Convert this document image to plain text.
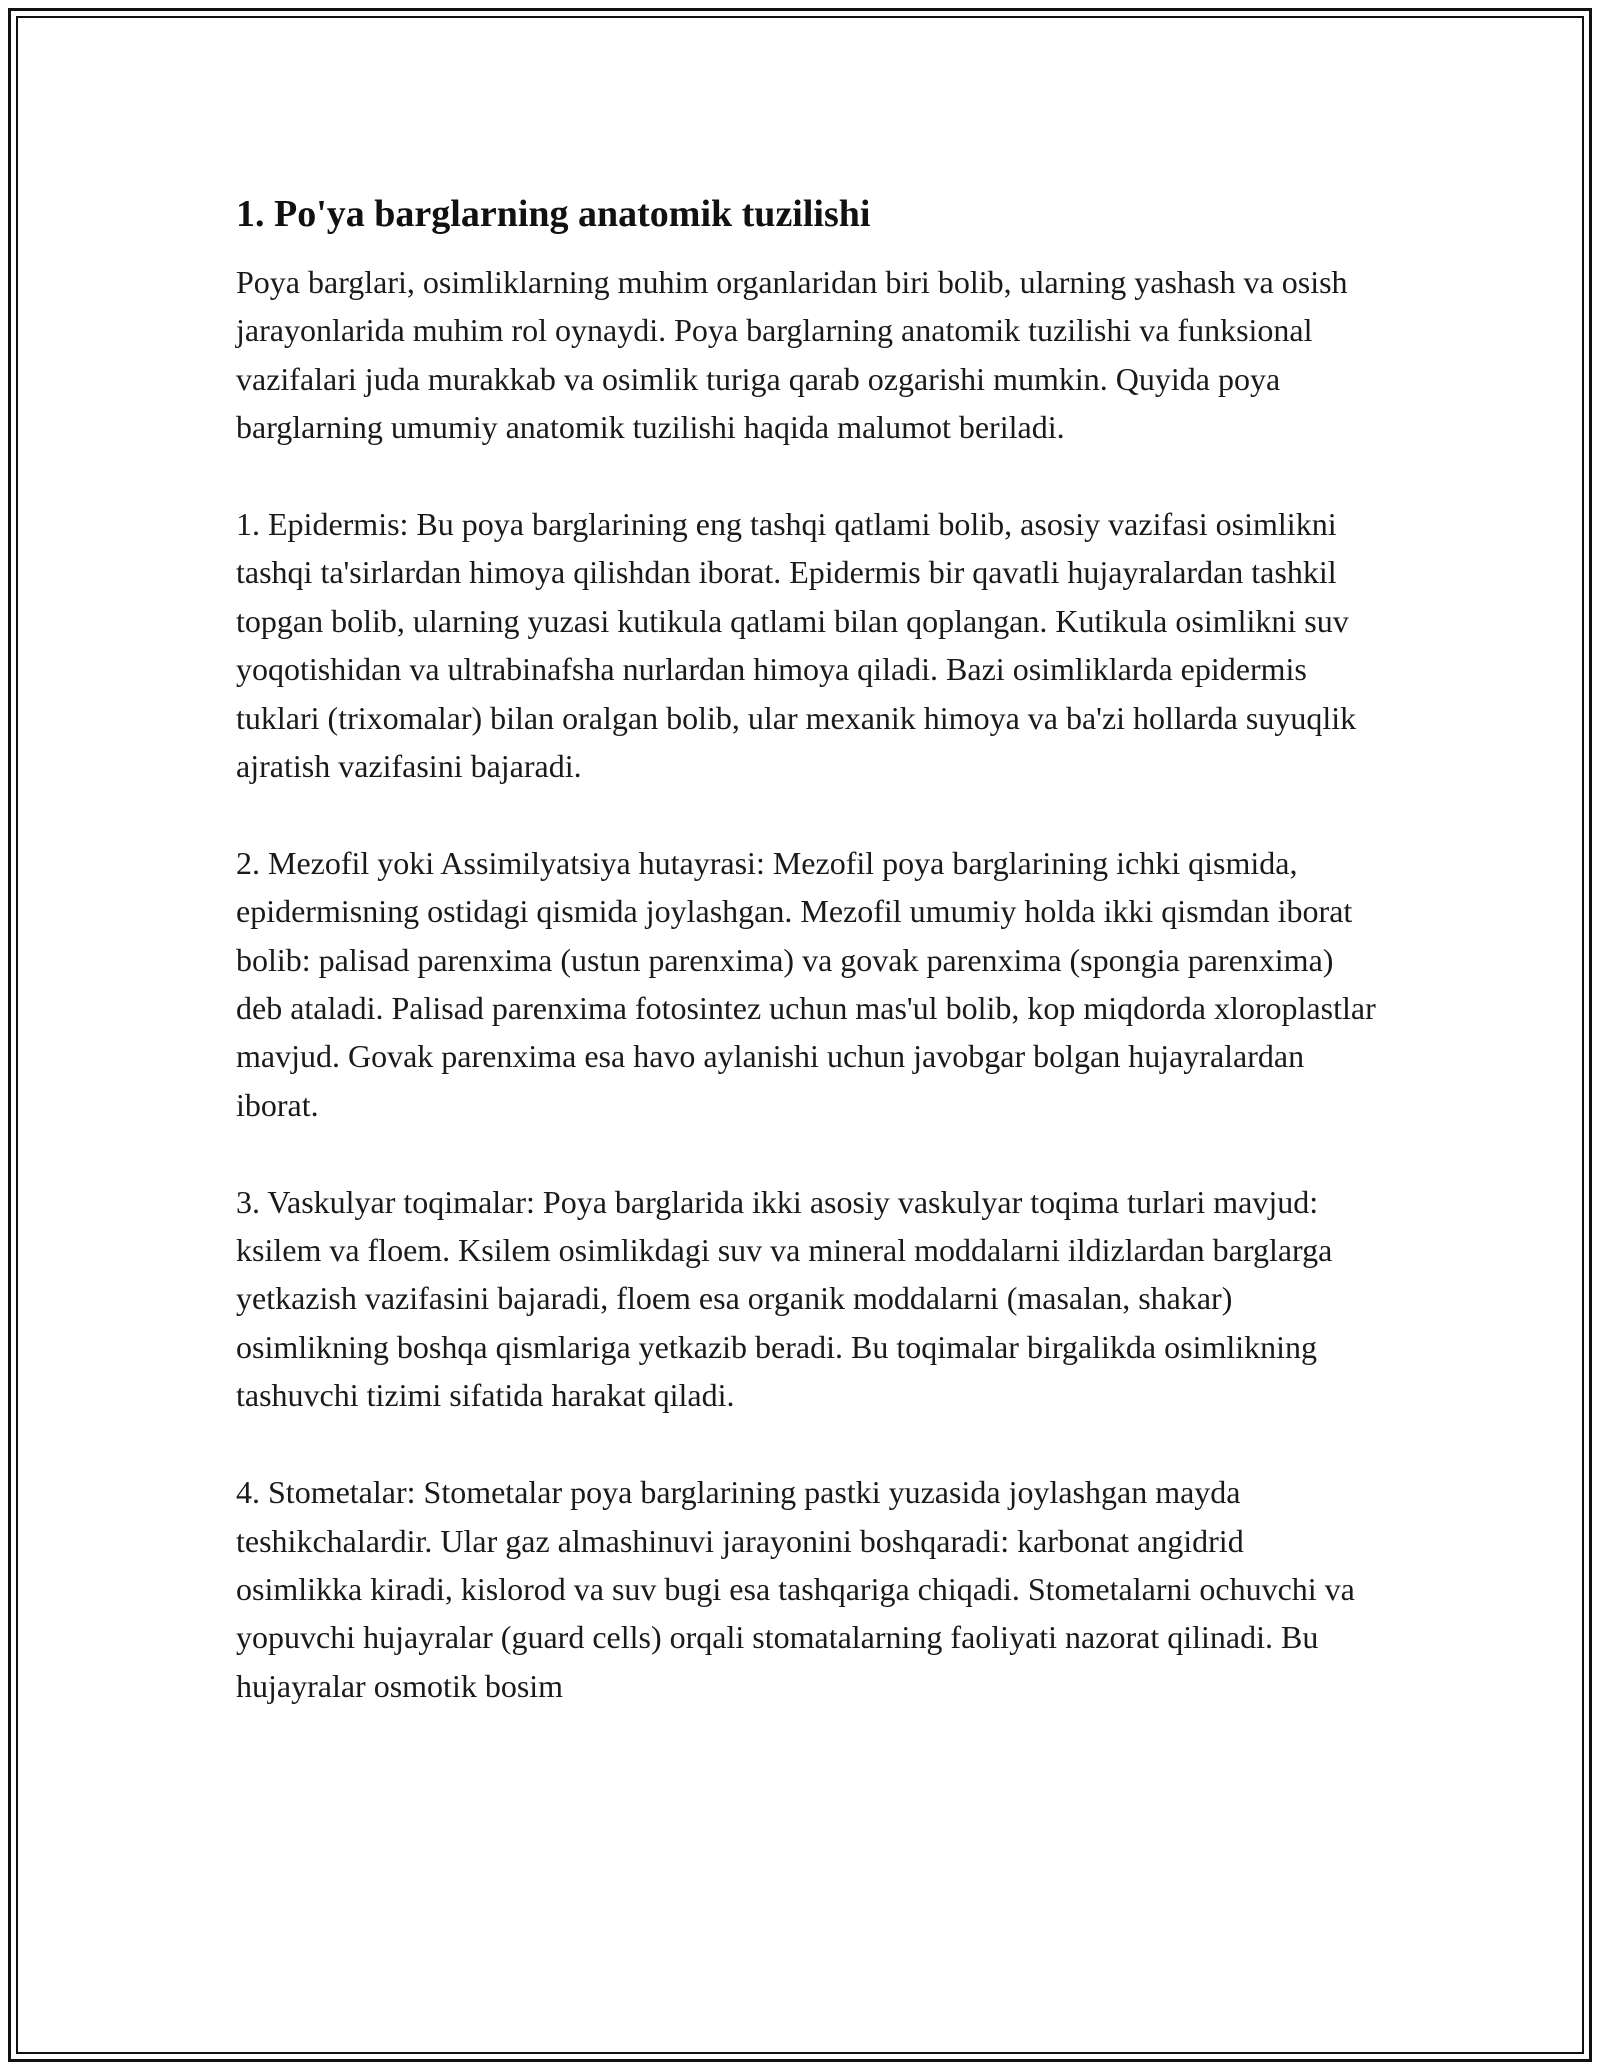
1. Po'ya barglarning anatomik tuzilishi

Poya barglari, osimliklarning muhim organlaridan biri bolib, ularning yashash va osish jarayonlarida muhim rol oynaydi. Poya barglarning anatomik tuzilishi va funksional vazifalari juda murakkab va osimlik turiga qarab ozgarishi mumkin. Quyida poya barglarning umumiy anatomik tuzilishi haqida malumot beriladi.

1. Epidermis: Bu poya barglarining eng tashqi qatlami bolib, asosiy vazifasi osimlikni tashqi ta'sirlardan himoya qilishdan iborat. Epidermis bir qavatli hujayralardan tashkil topgan bolib, ularning yuzasi kutikula qatlami bilan qoplangan. Kutikula osimlikni suv yoqotishidan va ultrabinafsha nurlardan himoya qiladi. Bazi osimliklarda epidermis tuklari (trixomalar) bilan oralgan bolib, ular mexanik himoya va ba'zi hollarda suyuqlik ajratish vazifasini bajaradi.

2. Mezofil yoki Assimilyatsiya hutayrasi: Mezofil poya barglarining ichki qismida, epidermisning ostidagi qismida joylashgan. Mezofil umumiy holda ikki qismdan iborat bolib: palisad parenxima (ustun parenxima) va govak parenxima (spongia parenxima) deb ataladi. Palisad parenxima fotosintez uchun mas'ul bolib, kop miqdorda xloroplastlar mavjud. Govak parenxima esa havo aylanishi uchun javobgar bolgan hujayralardan iborat.

3. Vaskulyar toqimalar: Poya barglarida ikki asosiy vaskulyar toqima turlari mavjud: ksilem va floem. Ksilem osimlikdagi suv va mineral moddalarni ildizlardan barglarga yetkazish vazifasini bajaradi, floem esa organik moddalarni (masalan, shakar) osimlikning boshqa qismlariga yetkazib beradi. Bu toqimalar birgalikda osimlikning tashuvchi tizimi sifatida harakat qiladi.

4. Stometalar: Stometalar poya barglarining pastki yuzasida joylashgan mayda teshikchalardir. Ular gaz almashinuvi jarayonini boshqaradi: karbonat angidrid osimlikka kiradi, kislorod va suv bugi esa tashqariga chiqadi. Stometalarni ochuvchi va yopuvchi hujayralar (guard cells) orqali stomatalarning faoliyati nazorat qilinadi. Bu hujayralar osmotik bosim
